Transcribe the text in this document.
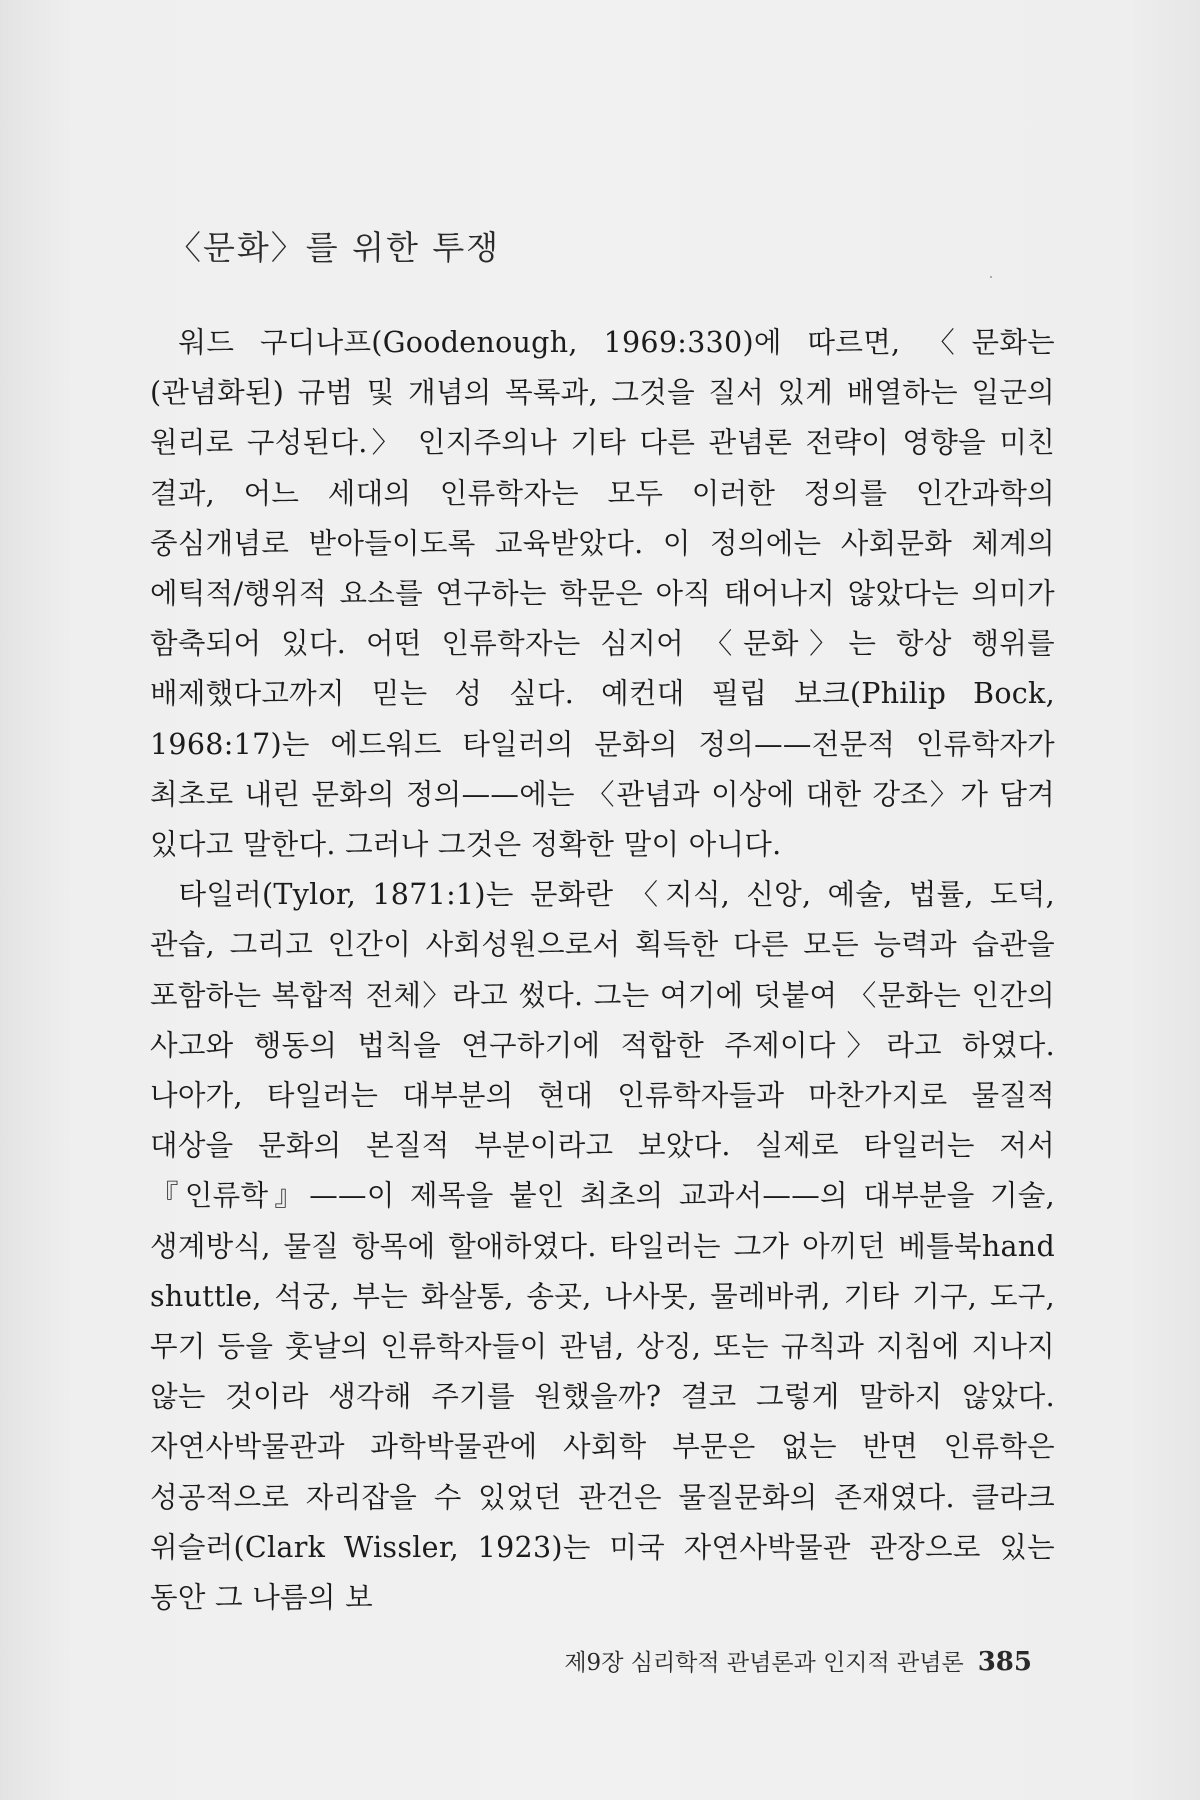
〈문화〉를 위한 투쟁

워드 구디나프(Goodenough, 1969:330)에 따르면, 〈문화는 (관념화된) 규범 및 개념의 목록과, 그것을 질서 있게 배열하는 일군의 원리로 구성된다.〉 인지주의나 기타 다른 관념론 전략이 영향을 미친 결과, 어느 세대의 인류학자는 모두 이러한 정의를 인간과학의 중심개념로 받아들이도록 교육받았다. 이 정의에는 사회문화 체계의 에틱적/행위적 요소를 연구하는 학문은 아직 태어나지 않았다는 의미가 함축되어 있다. 어떤 인류학자는 심지어 〈문화〉는 항상 행위를 배제했다고까지 믿는 성 싶다. 예컨대 필립 보크(Philip Bock, 1968:17)는 에드워드 타일러의 문화의 정의——전문적 인류학자가 최초로 내린 문화의 정의——에는 〈관념과 이상에 대한 강조〉가 담겨 있다고 말한다. 그러나 그것은 정확한 말이 아니다.

타일러(Tylor, 1871:1)는 문화란 〈지식, 신앙, 예술, 법률, 도덕, 관습, 그리고 인간이 사회성원으로서 획득한 다른 모든 능력과 습관을 포함하는 복합적 전체〉라고 썼다. 그는 여기에 덧붙여 〈문화는 인간의 사고와 행동의 법칙을 연구하기에 적합한 주제이다〉라고 하였다. 나아가, 타일러는 대부분의 현대 인류학자들과 마찬가지로 물질적 대상을 문화의 본질적 부분이라고 보았다. 실제로 타일러는 저서 『인류학』——이 제목을 붙인 최초의 교과서——의 대부분을 기술, 생계방식, 물질 항목에 할애하였다. 타일러는 그가 아끼던 베틀북hand shuttle, 석궁, 부는 화살통, 송곳, 나사못, 물레바퀴, 기타 기구, 도구, 무기 등을 훗날의 인류학자들이 관념, 상징, 또는 규칙과 지침에 지나지 않는 것이라 생각해 주기를 원했을까? 결코 그렇게 말하지 않았다. 자연사박물관과 과학박물관에 사회학 부문은 없는 반면 인류학은 성공적으로 자리잡을 수 있었던 관건은 물질문화의 존재였다. 클라크 위슬러(Clark Wissler, 1923)는 미국 자연사박물관 관장으로 있는 동안 그 나름의 보

제9장 심리학적 관념론과 인지적 관념론 385
